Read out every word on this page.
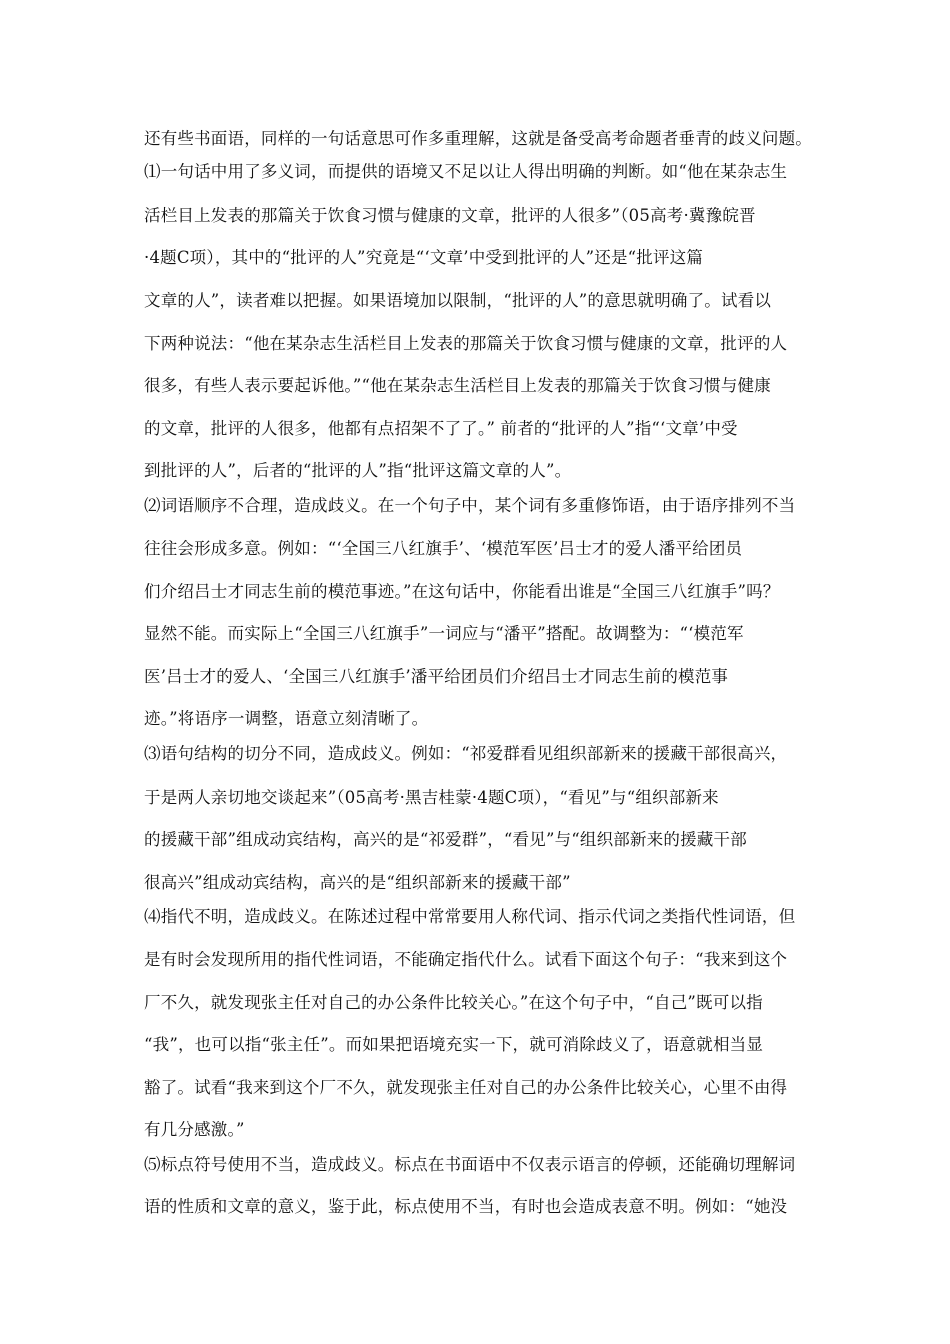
还有些书面语，同样的一句话意思可作多重理解，这就是备受高考命题者垂青的歧义问题。
⑴一句话中用了多义词，而提供的语境又不足以让人得出明确的判断。如“他在某杂志生
活栏目上发表的那篇关于饮食习惯与健康的文章，批评的人很多”（05高考·冀豫皖晋
·4题C项），其中的“批评的人”究竟是“‘文章’中受到批评的人”还是“批评这篇
文章的人”，读者难以把握。如果语境加以限制，“批评的人”的意思就明确了。试看以
下两种说法：“他在某杂志生活栏目上发表的那篇关于饮食习惯与健康的文章，批评的人
很多，有些人表示要起诉他。”“他在某杂志生活栏目上发表的那篇关于饮食习惯与健康
的文章，批评的人很多，他都有点招架不了了。” 前者的“批评的人”指“‘文章’中受
到批评的人”，后者的“批评的人”指“批评这篇文章的人”。
⑵词语顺序不合理，造成歧义。在一个句子中，某个词有多重修饰语，由于语序排列不当
往往会形成多意。例如：“‘全国三八红旗手’、‘模范军医’吕士才的爱人潘平给团员
们介绍吕士才同志生前的模范事迹。”在这句话中，你能看出谁是“全国三八红旗手”吗？
显然不能。而实际上“全国三八红旗手”一词应与“潘平”搭配。故调整为：“‘模范军
医’吕士才的爱人、‘全国三八红旗手’潘平给团员们介绍吕士才同志生前的模范事
迹。”将语序一调整，语意立刻清晰了。
⑶语句结构的切分不同，造成歧义。例如：“祁爱群看见组织部新来的援藏干部很高兴，
于是两人亲切地交谈起来”（05高考·黑吉桂蒙·4题C项），“看见”与“组织部新来
的援藏干部”组成动宾结构，高兴的是“祁爱群”，“看见”与“组织部新来的援藏干部
很高兴”组成动宾结构，高兴的是“组织部新来的援藏干部”
⑷指代不明，造成歧义。在陈述过程中常常要用人称代词、指示代词之类指代性词语，但
是有时会发现所用的指代性词语，不能确定指代什么。试看下面这个句子：“我来到这个
厂不久，就发现张主任对自己的办公条件比较关心。”在这个句子中，“自己”既可以指
“我”，也可以指“张主任”。而如果把语境充实一下，就可消除歧义了，语意就相当显
豁了。试看“我来到这个厂不久，就发现张主任对自己的办公条件比较关心，心里不由得
有几分感激。”
⑸标点符号使用不当，造成歧义。标点在书面语中不仅表示语言的停顿，还能确切理解词
语的性质和文章的意义，鉴于此，标点使用不当，有时也会造成表意不明。例如：“她没
